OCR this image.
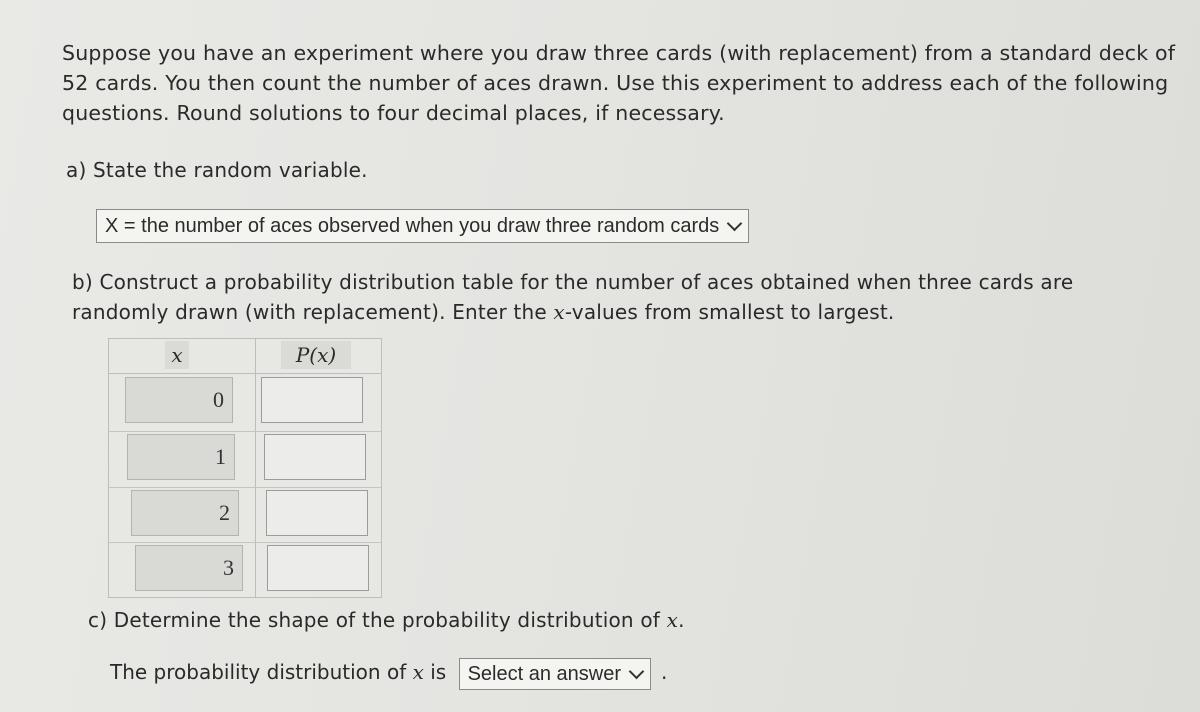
Suppose you have an experiment where you draw three cards (with replacement) from a standard deck of 52 cards. You then count the number of aces drawn. Use this experiment to address each of the following questions. Round solutions to four decimal places, if necessary.
a) State the random variable.
X = the number of aces observed when you draw three random cards
b) Construct a probability distribution table for the number of aces obtained when three cards are randomly drawn (with replacement). Enter the x-values from smallest to largest.
x	P(x)
0
1
2
3
c) Determine the shape of the probability distribution of x.
The probability distribution of x is Select an answer .
